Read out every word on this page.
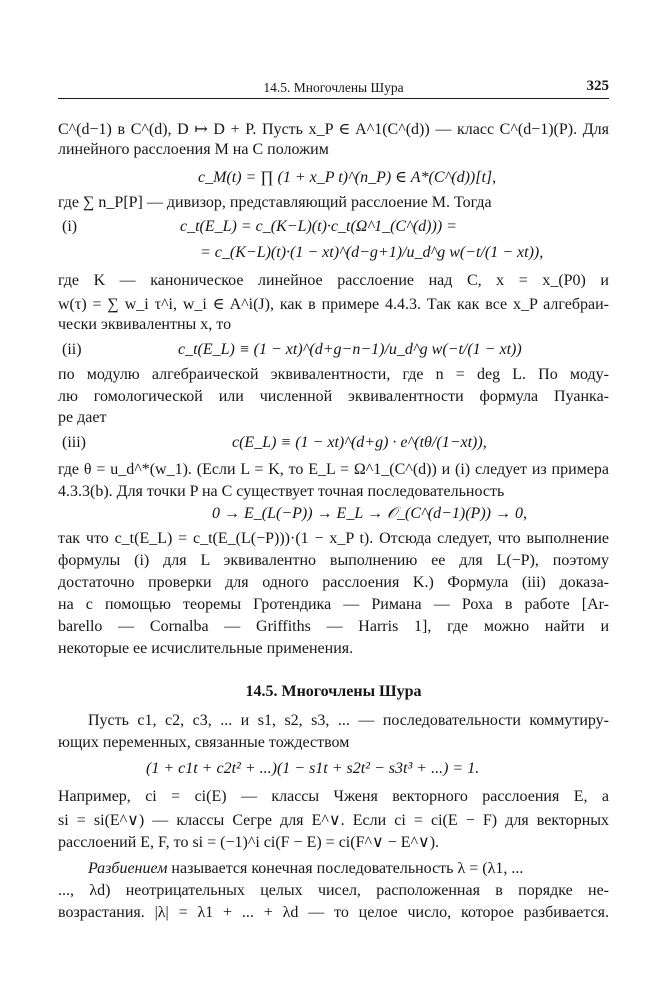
14.5. Многочлены Шура	325
C^(d−1) в C^(d), D ↦ D + P. Пусть x_P ∈ A^1(C^(d)) — класс C^(d−1)(P). Для
линейного расслоения M на C положим
c_M(t) = ∏ (1 + x_P t)^(n_P) ∈ A*(C^(d))[t],
где ∑ n_P[P] — дивизор, представляющий расслоение M. Тогда
(i)	c_t(E_L) = c_(K−L)(t)·c_t(Ω^1_(C^(d))) =
= c_(K−L)(t)·(1 − xt)^(d−g+1)/u_d^g w(−t/(1 − xt)),
где K — каноническое линейное расслоение над C, x = x_(P0) и
w(τ) = ∑ w_i τ^i, w_i ∈ A^i(J), как в примере 4.4.3. Так как все x_P алгебраи-
чески эквивалентны x, то
(ii)	c_t(E_L) ≡ (1 − xt)^(d+g−n−1)/u_d^g w(−t/(1 − xt))
по модулю алгебраической эквивалентности, где n = deg L. По моду-
лю гомологической или численной эквивалентности формула Пуанка-
ре дает
(iii)	c(E_L) ≡ (1 − xt)^(d+g) · e^(tθ/(1−xt)),
где θ = u_d^*(w_1). (Если L = K, то E_L = Ω^1_(C^(d)) и (i) следует из примера
4.3.3(b). Для точки P на C существует точная последовательность
0 → E_(L(−P)) → E_L → 𝒪_(C^(d−1)(P)) → 0,
так что c_t(E_L) = c_t(E_(L(−P)))·(1 − x_P t). Отсюда следует, что выполнение
формулы (i) для L эквивалентно выполнению ее для L(−P), поэтому
достаточно проверки для одного расслоения K.) Формула (iii) доказа-
на с помощью теоремы Гротендика — Римана — Роха в работе [Ar-
barello — Cornalba — Griffiths — Harris 1], где можно найти и
некоторые ее исчислительные применения.
14.5. Многочлены Шура
Пусть c1, c2, c3, ... и s1, s2, s3, ... — последовательности коммутиру-
ющих переменных, связанные тождеством
(1 + c1t + c2t² + ...)(1 − s1t + s2t² − s3t³ + ...) = 1.
Например, ci = ci(E) — классы Чженя векторного расслоения E, а
si = si(E^∨) — классы Сегре для E^∨. Если ci = ci(E − F) для векторных
расслоений E, F, то si = (−1)^i ci(F − E) = ci(F^∨ − E^∨).
Разбиением называется конечная последовательность λ = (λ1, ...
..., λd) неотрицательных целых чисел, расположенная в порядке не-
возрастания. |λ| = λ1 + ... + λd — то целое число, которое разбивается.
